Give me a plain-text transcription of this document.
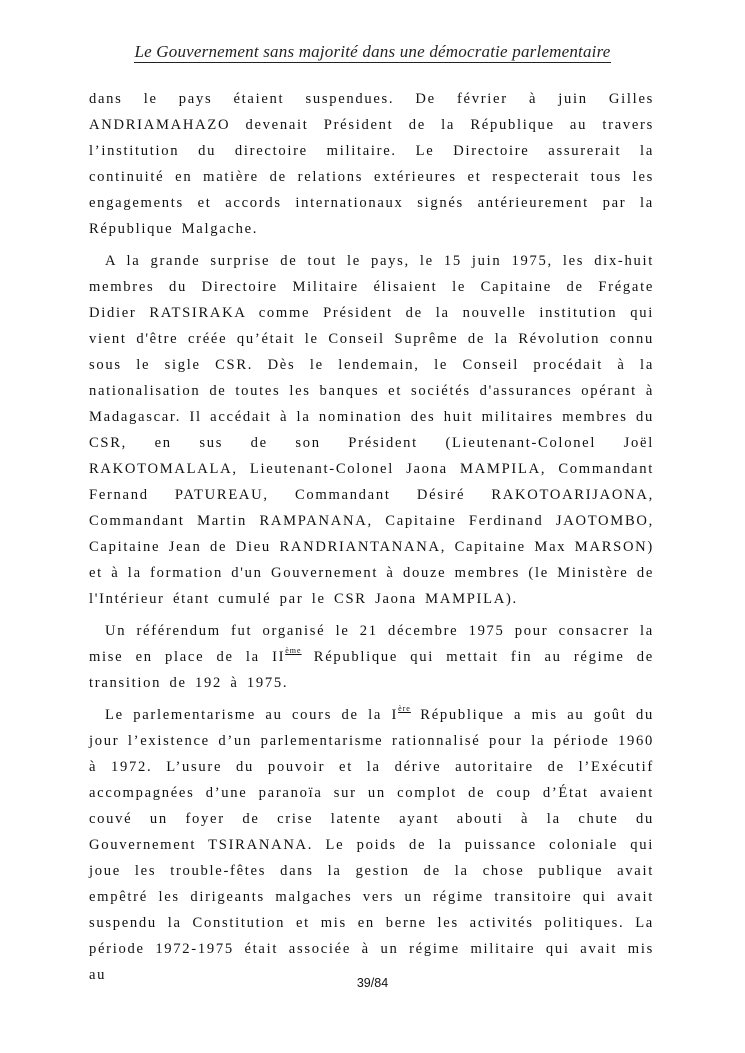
Le Gouvernement sans majorité dans une démocratie parlementaire

dans le pays étaient suspendues. De février à juin Gilles ANDRIAMAHAZO devenait Président de la République au travers l’institution du directoire militaire. Le Directoire assurerait la continuité en matière de relations extérieures et respecterait tous les engagements et accords internationaux signés antérieurement par la République Malgache.

A la grande surprise de tout le pays, le 15 juin 1975, les dix-huit membres du Directoire Militaire élisaient le Capitaine de Frégate Didier RATSIRAKA comme Président de la nouvelle institution qui vient d'être créée qu’était le Conseil Suprême de la Révolution connu sous le sigle CSR. Dès le lendemain, le Conseil procédait à la nationalisation de toutes les banques et sociétés d'assurances opérant à Madagascar. Il accédait à la nomination des huit militaires membres du CSR, en sus de son Président (Lieutenant-Colonel Joël RAKOTOMALALA, Lieutenant-Colonel Jaona MAMPILA, Commandant Fernand PATUREAU, Commandant Désiré RAKOTOARIJAONA, Commandant Martin RAMPANANA, Capitaine Ferdinand JAOTOMBO, Capitaine Jean de Dieu RANDRIANTANANA, Capitaine Max MARSON) et à la formation d'un Gouvernement à douze membres (le Ministère de l'Intérieur étant cumulé par le CSR Jaona MAMPILA).

Un référendum fut organisé le 21 décembre 1975 pour consacrer la mise en place de la IIème République qui mettait fin au régime de transition de 192 à 1975.

Le parlementarisme au cours de la Ière République a mis au goût du jour l’existence d’un parlementarisme rationnalisé pour la période 1960 à 1972. L’usure du pouvoir et la dérive autoritaire de l’Exécutif accompagnées d’une paranoïa sur un complot de coup d’État avaient couvé un foyer de crise latente ayant abouti à la chute du Gouvernement TSIRANANA. Le poids de la puissance coloniale qui joue les trouble-fêtes dans la gestion de la chose publique avait empêtré les dirigeants malgaches vers un régime transitoire qui avait suspendu la Constitution et mis en berne les activités politiques. La période 1972-1975 était associée à un régime militaire qui avait mis au	39/84
